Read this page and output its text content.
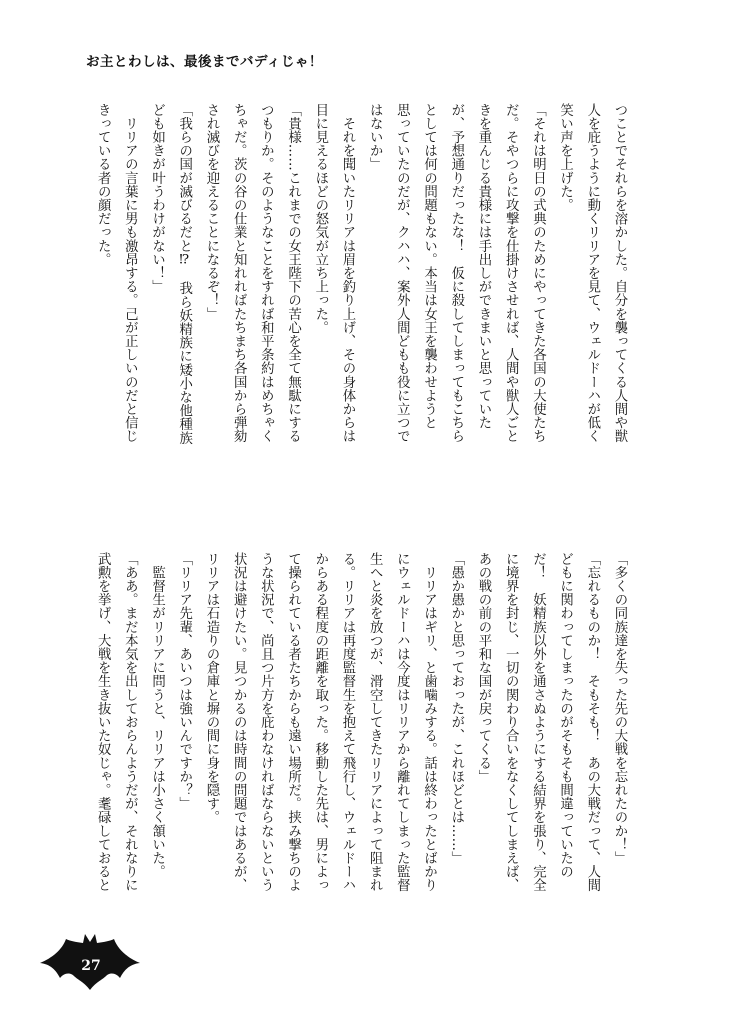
お主とわしは、最後までバディじゃ！

つことでそれらを溶かした。自分を襲ってくる人間や獣

人を庇うように動くリリアを見て、ウェルドーハが低く

笑い声を上げた。

「それは明日の式典のためにやってきた各国の大使たち

だ。そやつらに攻撃を仕掛けさせれば、人間や獣人ごと

きを重んじる貴様には手出しができまいと思っていた

が、予想通りだったな！　仮に殺してしまってもこちら

としては何の問題もない。本当は女王を襲わせようと

思っていたのだが、クハハ、案外人間どもも役に立つで

はないか」

　それを聞いたリリアは眉を釣り上げ、その身体からは

目に見えるほどの怒気が立ち上った。

「貴様……これまでの女王陛下の苦心を全て無駄にする

つもりか。そのようなことをすれば和平条約はめちゃく

ちゃだ。茨の谷の仕業と知れればたちまち各国から弾劾

され滅びを迎えることになるぞ！」

「我らの国が滅びるだと⁉　我ら妖精族に矮小な他種族

ども如きが叶うわけがない！」

　リリアの言葉に男も激昂する。己が正しいのだと信じ

きっている者の顔だった。

「多くの同族達を失った先の大戦を忘れたのか！」

「忘れるものか！　そもそも！　あの大戦だって、人間

どもに関わってしまったのがそもそも間違っていたの

だ！　妖精族以外を通さぬようにする結界を張り、完全

に境界を封じ、一切の関わり合いをなくしてしまえば、

あの戦の前の平和な国が戻ってくる」

「愚か愚かと思っておったが、これほどとは……」

　リリアはギリ、と歯噛みする。話は終わったとばかり

にウェルドーハは今度はリリアから離れてしまった監督

生へと炎を放つが、滑空してきたリリアによって阻まれ

る。リリアは再度監督生を抱えて飛行し、ウェルドーハ

からある程度の距離を取った。移動した先は、男によっ

て操られている者たちからも遠い場所だ。挟み撃ちのよ

うな状況で、尚且つ片方を庇わなければならないという

状況は避けたい。見つかるのは時間の問題ではあるが、

リリアは石造りの倉庫と塀の間に身を隠す。

「リリア先輩、あいつは強いんですか？」

　監督生がリリアに問うと、リリアは小さく頷いた。

「ああ。まだ本気を出しておらんようだが、それなりに

武勲を挙げ、大戦を生き抜いた奴じゃ。耄碌しておると

27
